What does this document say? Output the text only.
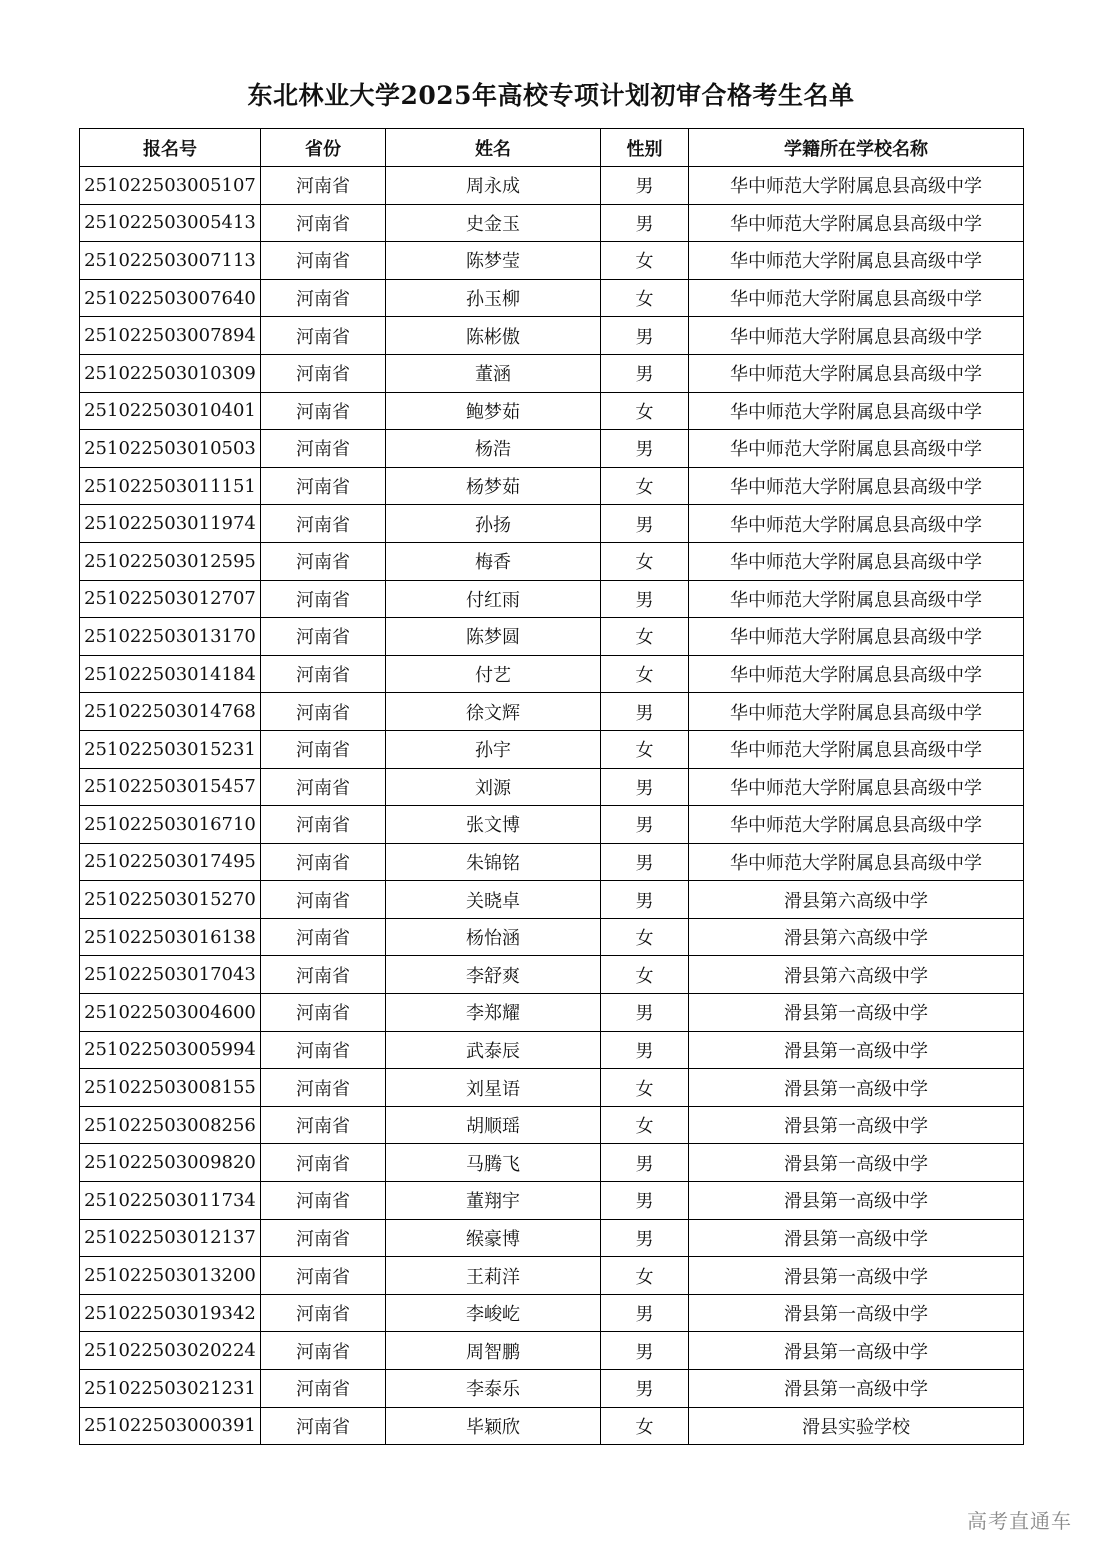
东北林业大学2025年高校专项计划初审合格考生名单
报名号	省份	姓名	性别	学籍所在学校名称
251022503005107	河南省	周永成	男	华中师范大学附属息县高级中学
251022503005413	河南省	史金玉	男	华中师范大学附属息县高级中学
251022503007113	河南省	陈梦莹	女	华中师范大学附属息县高级中学
251022503007640	河南省	孙玉柳	女	华中师范大学附属息县高级中学
251022503007894	河南省	陈彬傲	男	华中师范大学附属息县高级中学
251022503010309	河南省	董涵	男	华中师范大学附属息县高级中学
251022503010401	河南省	鲍梦茹	女	华中师范大学附属息县高级中学
251022503010503	河南省	杨浩	男	华中师范大学附属息县高级中学
251022503011151	河南省	杨梦茹	女	华中师范大学附属息县高级中学
251022503011974	河南省	孙扬	男	华中师范大学附属息县高级中学
251022503012595	河南省	梅香	女	华中师范大学附属息县高级中学
251022503012707	河南省	付红雨	男	华中师范大学附属息县高级中学
251022503013170	河南省	陈梦圆	女	华中师范大学附属息县高级中学
251022503014184	河南省	付艺	女	华中师范大学附属息县高级中学
251022503014768	河南省	徐文辉	男	华中师范大学附属息县高级中学
251022503015231	河南省	孙宇	女	华中师范大学附属息县高级中学
251022503015457	河南省	刘源	男	华中师范大学附属息县高级中学
251022503016710	河南省	张文博	男	华中师范大学附属息县高级中学
251022503017495	河南省	朱锦铭	男	华中师范大学附属息县高级中学
251022503015270	河南省	关晓卓	男	滑县第六高级中学
251022503016138	河南省	杨怡涵	女	滑县第六高级中学
251022503017043	河南省	李舒爽	女	滑县第六高级中学
251022503004600	河南省	李郑耀	男	滑县第一高级中学
251022503005994	河南省	武泰辰	男	滑县第一高级中学
251022503008155	河南省	刘星语	女	滑县第一高级中学
251022503008256	河南省	胡顺瑶	女	滑县第一高级中学
251022503009820	河南省	马腾飞	男	滑县第一高级中学
251022503011734	河南省	董翔宇	男	滑县第一高级中学
251022503012137	河南省	缑豪博	男	滑县第一高级中学
251022503013200	河南省	王莉洋	女	滑县第一高级中学
251022503019342	河南省	李峻屹	男	滑县第一高级中学
251022503020224	河南省	周智鹏	男	滑县第一高级中学
251022503021231	河南省	李泰乐	男	滑县第一高级中学
251022503000391	河南省	毕颖欣	女	滑县实验学校
高考直通车
